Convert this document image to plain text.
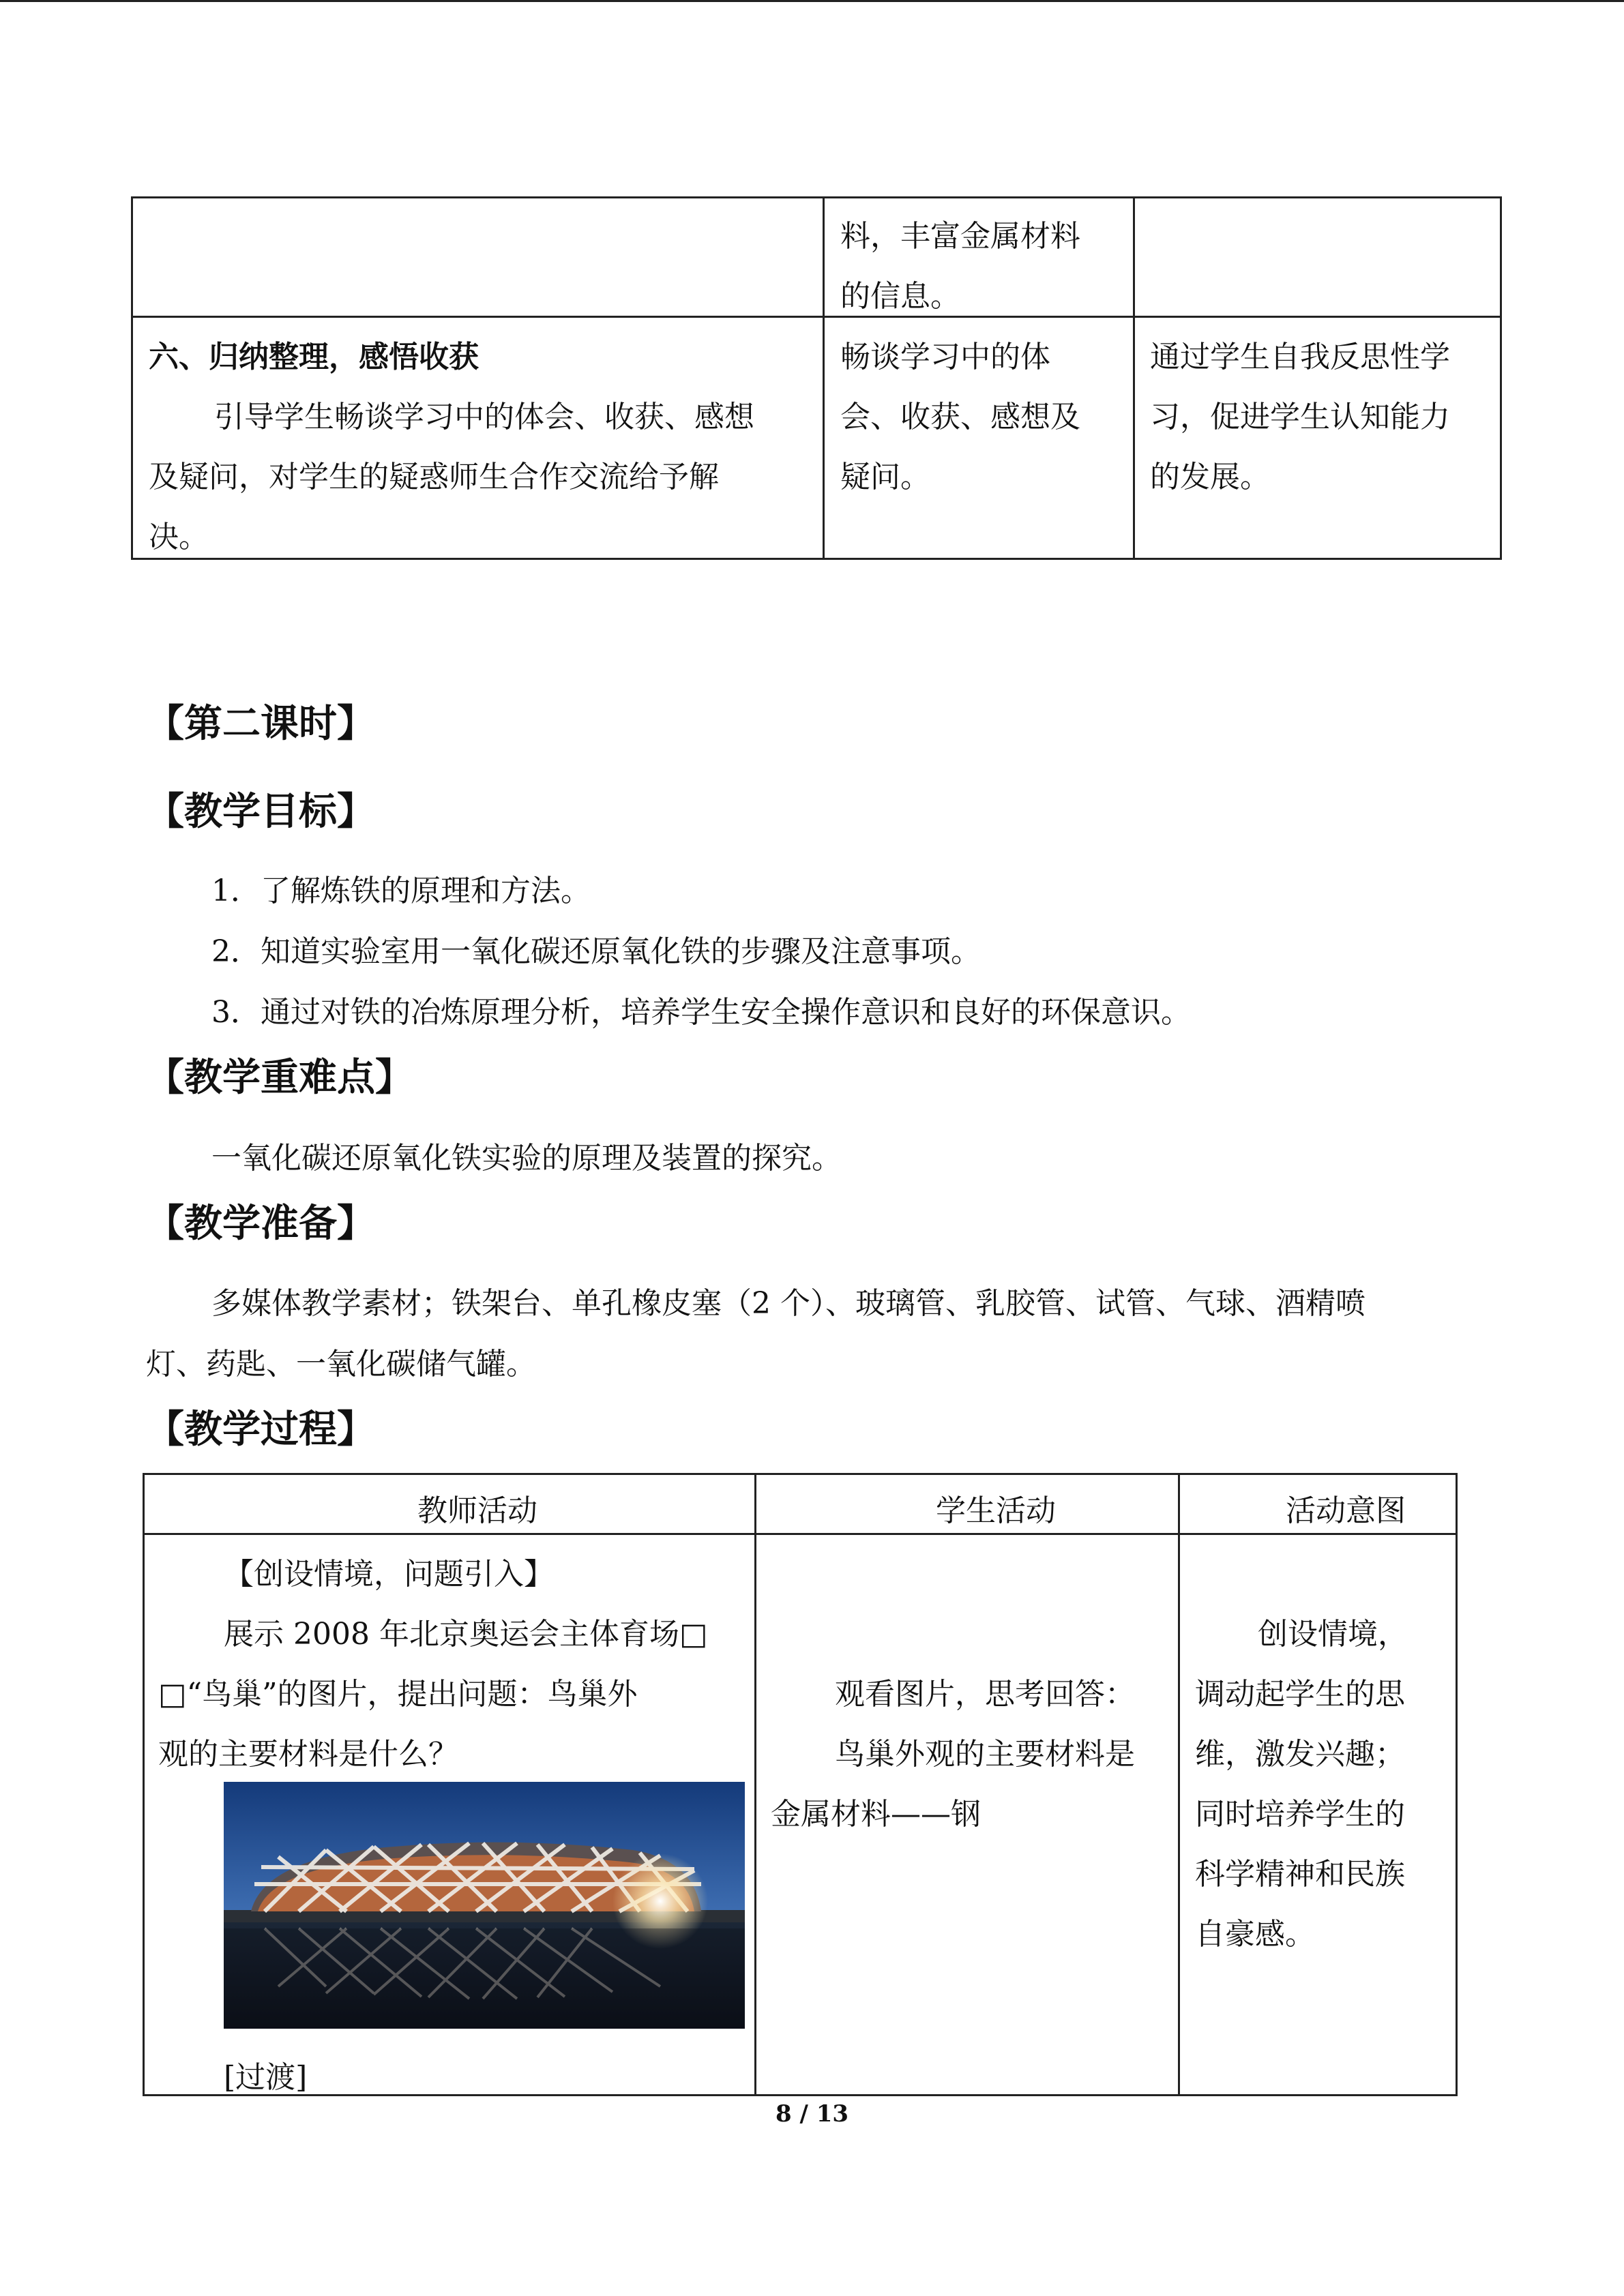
料，丰富金属材料
的信息。
六、归纳整理，感悟收获
引导学生畅谈学习中的体会、收获、感想
及疑问，对学生的疑惑师生合作交流给予解
决。
畅谈学习中的体
会、收获、感想及
疑问。
通过学生自我反思性学
习，促进学生认知能力
的发展。
【第二课时】
【教学目标】
1．了解炼铁的原理和方法。
2．知道实验室用一氧化碳还原氧化铁的步骤及注意事项。
3．通过对铁的冶炼原理分析，培养学生安全操作意识和良好的环保意识。
【教学重难点】
一氧化碳还原氧化铁实验的原理及装置的探究。
【教学准备】
多媒体教学素材；铁架台、单孔橡皮塞（2 个）、玻璃管、乳胶管、试管、气球、酒精喷
灯、药匙、一氧化碳储气罐。
【教学过程】
教师活动	学生活动	活动意图
【创设情境，问题引入】
展示 2008 年北京奥运会主体育场□
□“鸟巢”的图片，提出问题：鸟巢外
观的主要材料是什么？
[过渡]
观看图片，思考回答：
鸟巢外观的主要材料是
金属材料——钢
创设情境，
调动起学生的思
维，激发兴趣；
同时培养学生的
科学精神和民族
自豪感。
8 / 13
